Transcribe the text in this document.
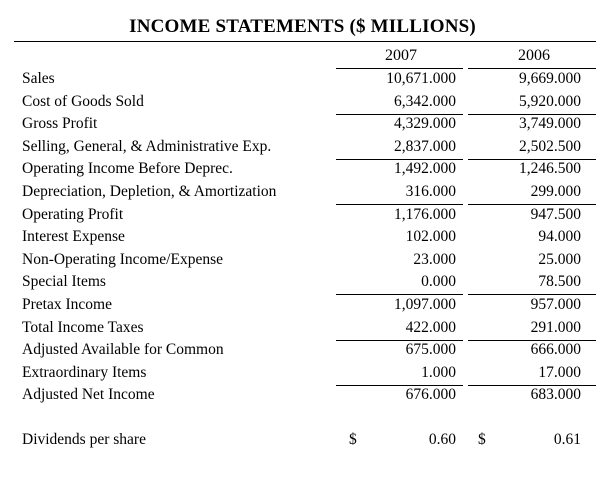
INCOME STATEMENTS ($ MILLIONS)
2007	2006
Sales	10,671.000	9,669.000
Cost of Goods Sold	6,342.000	5,920.000
Gross Profit	4,329.000	3,749.000
Selling, General, & Administrative Exp.	2,837.000	2,502.500
Operating Income Before Deprec.	1,492.000	1,246.500
Depreciation, Depletion, & Amortization	316.000	299.000
Operating Profit	1,176.000	947.500
Interest Expense	102.000	94.000
Non-Operating Income/Expense	23.000	25.000
Special Items	0.000	78.500
Pretax Income	1,097.000	957.000
Total Income Taxes	422.000	291.000
Adjusted Available for Common	675.000	666.000
Extraordinary Items	1.000	17.000
Adjusted Net Income	676.000	683.000
Dividends per share	$	0.60 $	0.61
